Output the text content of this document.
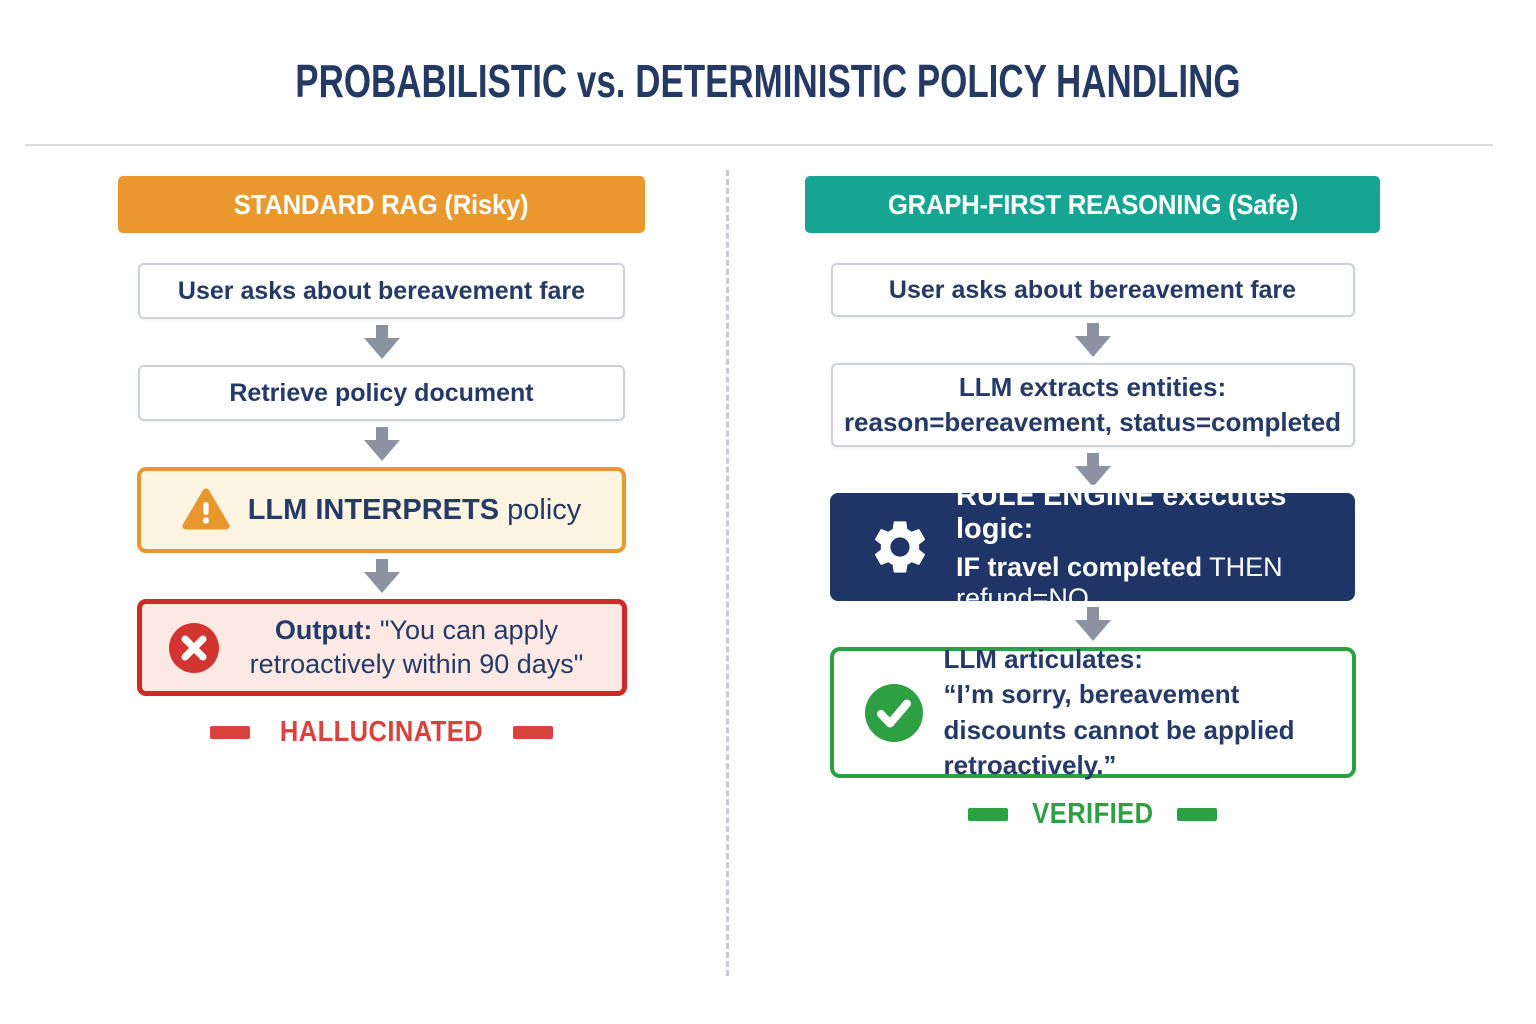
PROBABILISTIC vs. DETERMINISTIC POLICY HANDLING
STANDARD RAG (Risky)
User asks about bereavement fare
Retrieve policy document
LLM INTERPRETS policy
Output: "You can apply retroactively within 90 days"
HALLUCINATED
GRAPH-FIRST REASONING (Safe)
User asks about bereavement fare
LLM extracts entities:
reason=bereavement, status=completed
RULE ENGINE executes logic:
IF travel completed THEN refund=NO
LLM articulates:
“I’m sorry, bereavement discounts cannot be applied retroactively.”
VERIFIED
